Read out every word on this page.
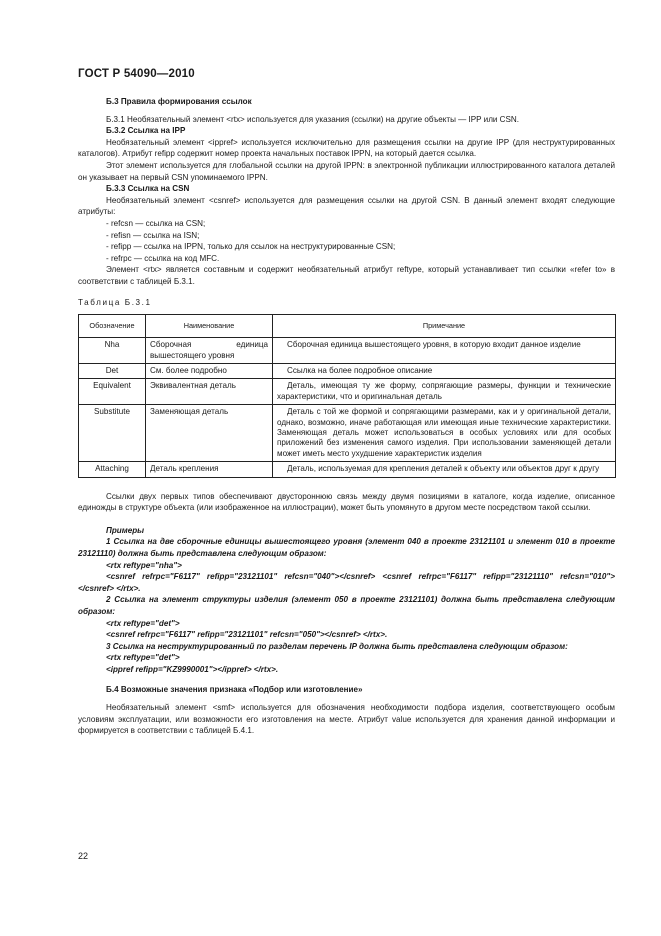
ГОСТ Р 54090—2010

Б.3 Правила формирования ссылок

Б.3.1 Необязательный элемент <rtx> используется для указания (ссылки) на другие объекты — IPP или CSN.

Б.3.2 Ссылка на IPP

Необязательный элемент <ippref> используется исключительно для размещения ссылки на другие IPP (для неструктурированных каталогов). Атрибут refipp содержит номер проекта начальных поставок IPPN, на который дается ссылка.

Этот элемент используется для глобальной ссылки на другой IPPN: в электронной публикации иллюстрированного каталога деталей он указывает на первый CSN упоминаемого IPPN.

Б.3.3 Ссылка на CSN

Необязательный элемент <csnref> используется для размещения ссылки на другой CSN. В данный элемент входят следующие атрибуты:

- refcsn — ссылка на CSN;

- refisn — ссылка на ISN;

- refipp — ссылка на IPPN, только для ссылок на неструктурированные CSN;

- refrpc — ссылка на код MFC.

Элемент <rtx> является составным и содержит необязательный атрибут reftype, который устанавливает тип ссылки «refer to» в соответствии с таблицей Б.3.1.

Таблица Б.3.1

Обозначение	Наименование	Примечание
Nha	Сборочная единица вышестоящего уровня	Сборочная единица вышестоящего уровня, в которую входит данное изделие
Det	См. более подробно	Ссылка на более подробное описание
Equivalent	Эквивалентная деталь	Деталь, имеющая ту же форму, сопрягающие размеры, функции и технические характеристики, что и оригинальная деталь
Substitute	Заменяющая деталь	Деталь с той же формой и сопрягающими размерами, как и у оригинальной детали, однако, возможно, иначе работающая или имеющая иные технические характеристики. Заменяющая деталь может использоваться в особых условиях или для особых приложений без изменения самого изделия. При использовании заменяющей детали может иметь место ухудшение характеристик изделия
Attaching	Деталь крепления	Деталь, используемая для крепления деталей к объекту или объектов друг к другу

Ссылки двух первых типов обеспечивают двустороннюю связь между двумя позициями в каталоге, когда изделие, описанное единожды в структуре объекта (или изображенное на иллюстрации), может быть упомянуто в другом месте посредством такой ссылки.

Примеры

1 Ссылка на две сборочные единицы вышестоящего уровня (элемент 040 в проекте 23121101 и элемент 010 в проекте 23121110) должна быть представлена следующим образом:

<rtx reftype="nha">

<csnref refrpc="F6117" refipp="23121101" refcsn="040"></csnref> <csnref refrpc="F6117" refipp="23121110" refcsn="010"></csnref> </rtx>.

2 Ссылка на элемент структуры изделия (элемент 050 в проекте 23121101) должна быть представлена следующим образом:

<rtx reftype="det">

<csnref refrpc="F6117" refipp="23121101" refcsn="050"></csnref> </rtx>.

3 Ссылка на неструктурированный по разделам перечень IP должна быть представлена следующим образом:

<rtx reftype="det">

<ippref refipp="KZ9990001"></ippref> </rtx>.

Б.4 Возможные значения признака «Подбор или изготовление»

Необязательный элемент <smf> используется для обозначения необходимости подбора изделия, соответствующего особым условиям эксплуатации, или возможности его изготовления на месте. Атрибут value используется для хранения данной информации и формируется в соответствии с таблицей Б.4.1.

22
